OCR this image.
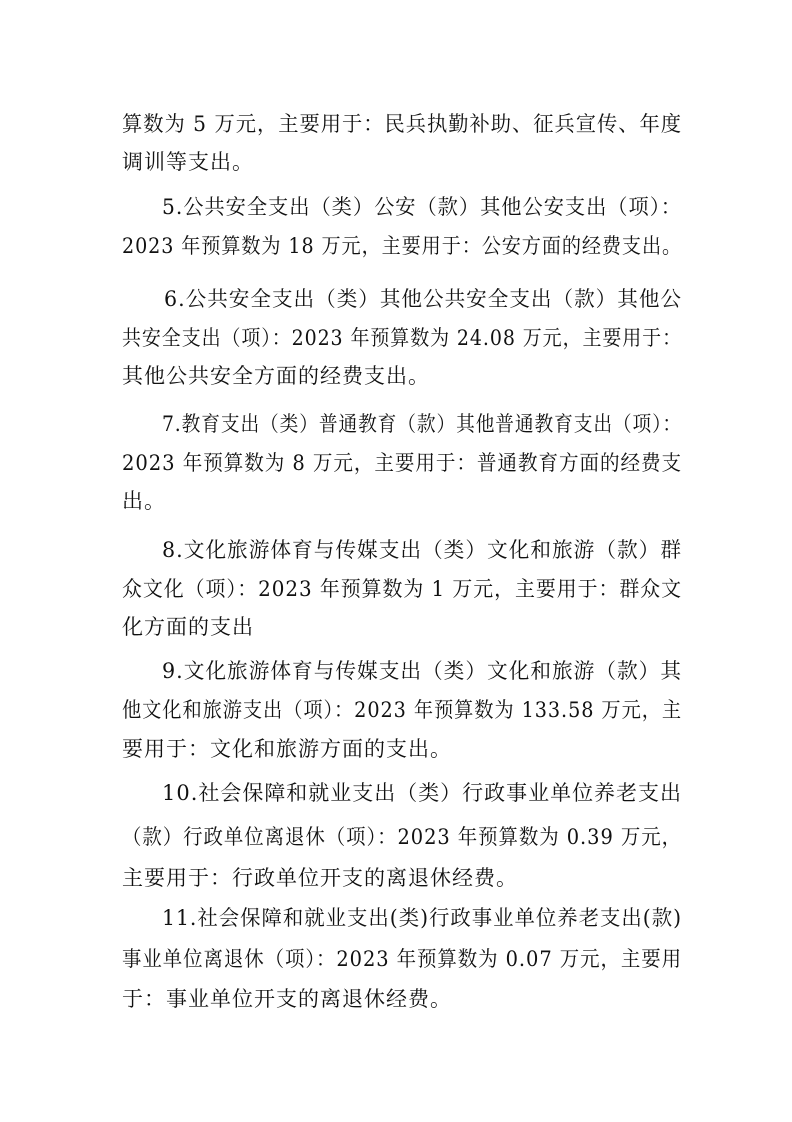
算数为 5 万元，主要用于：民兵执勤补助、征兵宣传、年度

调训等支出。

5.公共安全支出（类）公安（款）其他公安支出（项）：

2023 年预算数为 18 万元，主要用于：公安方面的经费支出。

6.公共安全支出（类）其他公共安全支出（款）其他公

共安全支出（项）：2023 年预算数为 24.08 万元，主要用于：

其他公共安全方面的经费支出。

7.教育支出（类）普通教育（款）其他普通教育支出（项）：

2023 年预算数为 8 万元，主要用于：普通教育方面的经费支

出。

8.文化旅游体育与传媒支出（类）文化和旅游（款）群

众文化（项）：2023 年预算数为 1 万元，主要用于：群众文

化方面的支出

9.文化旅游体育与传媒支出（类）文化和旅游（款）其

他文化和旅游支出（项）：2023 年预算数为 133.58 万元，主

要用于：文化和旅游方面的支出。

10.社会保障和就业支出（类）行政事业单位养老支出

（款）行政单位离退休（项）：2023 年预算数为 0.39 万元，

主要用于：行政单位开支的离退休经费。

11.社会保障和就业支出(类)行政事业单位养老支出(款)

事业单位离退休（项）：2023 年预算数为 0.07 万元，主要用

于：事业单位开支的离退休经费。
